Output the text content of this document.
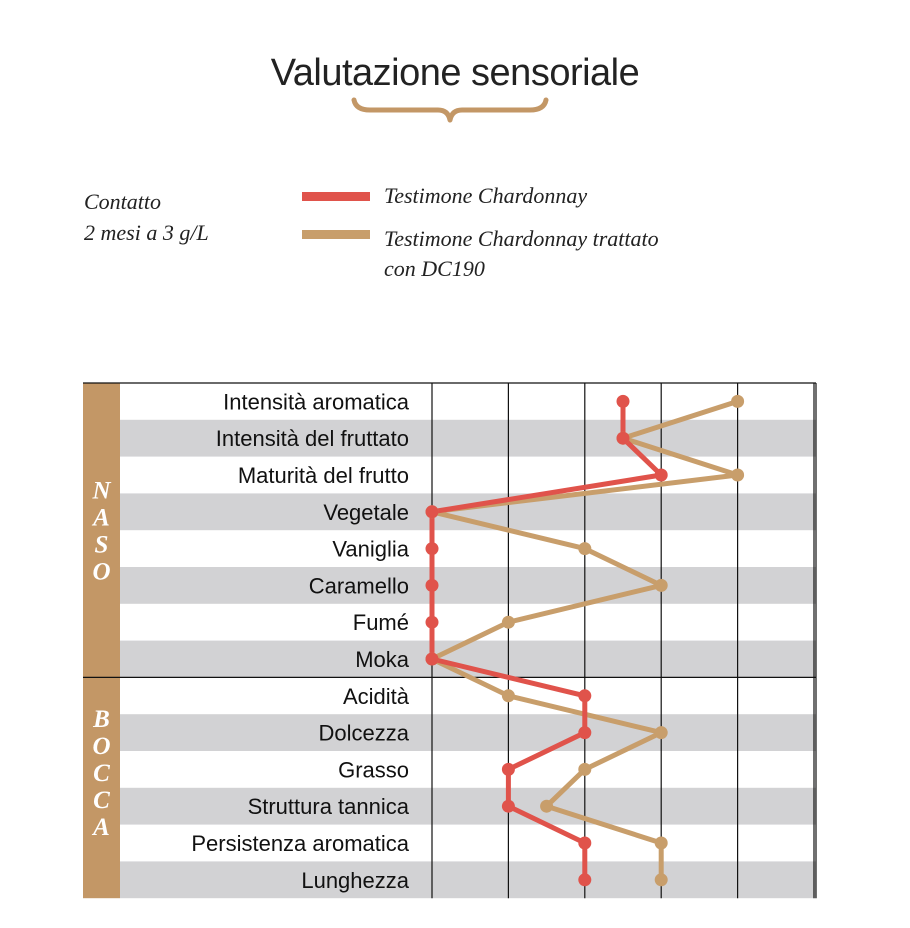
Valutazione sensoriale
Contatto
2 mesi a 3 g/L
Testimone Chardonnay
Testimone Chardonnay trattato
con DC190
N
A
S
O
B
O
C
C
A
Intensità aromatica
Intensità del fruttato
Maturità del frutto
Vegetale
Vaniglia
Caramello
Fumé
Moka
Acidità
Dolcezza
Grasso
Struttura tannica
Persistenza aromatica
Lunghezza
